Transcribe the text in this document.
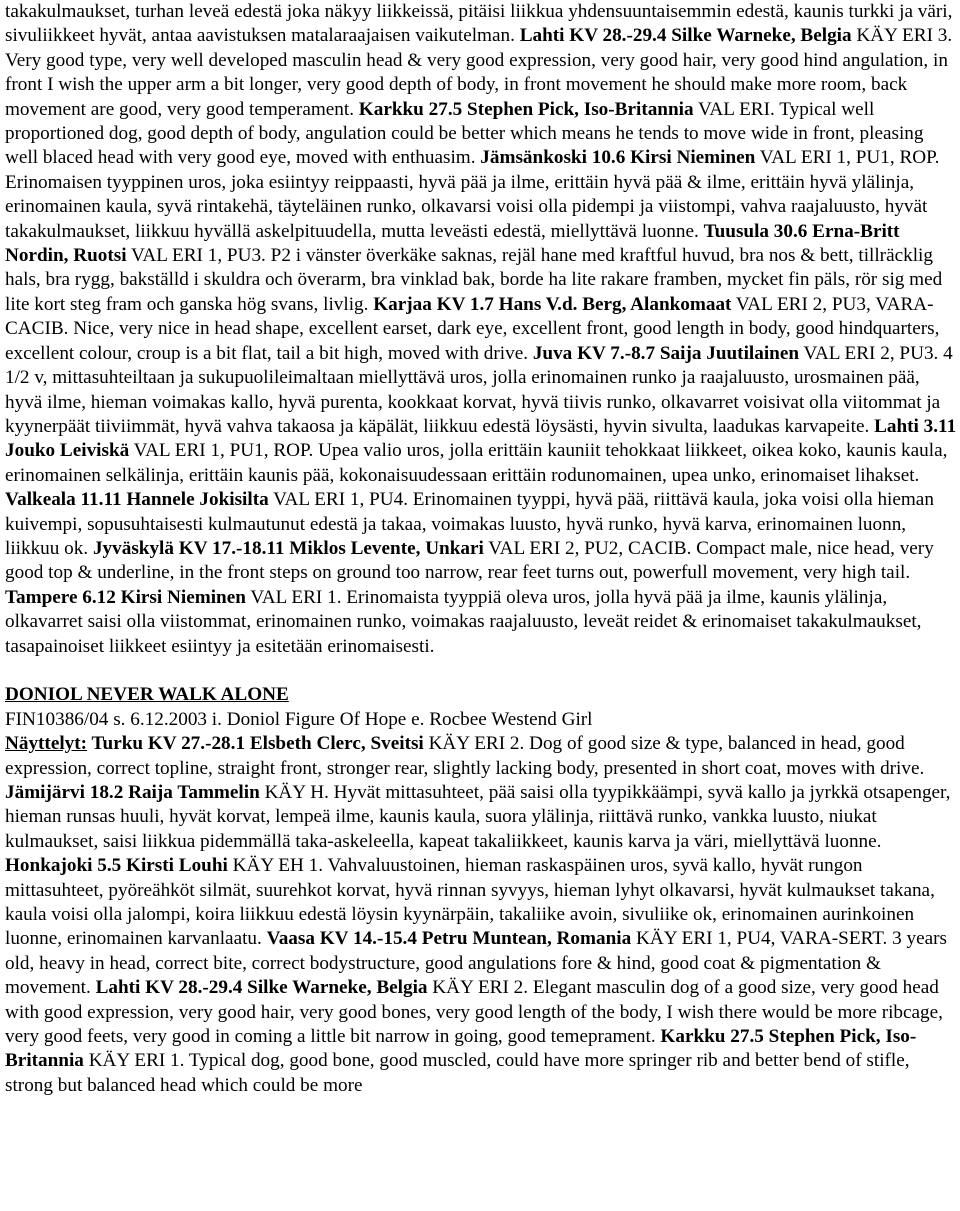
takakulmaukset, turhan leveä edestä joka näkyy liikkeissä, pitäisi liikkua yhdensuuntaisemmin edestä, kaunis turkki ja väri, sivuliikkeet hyvät, antaa aavistuksen matalaraajaisen vaikutelman. Lahti KV 28.-29.4 Silke Warneke, Belgia KÄY ERI 3. Very good type, very well developed masculin head & very good expression, very good hair, very good hind angulation, in front I wish the upper arm a bit longer, very good depth of body, in front movement he should make more room, back movement are good, very good temperament. Karkku 27.5 Stephen Pick, Iso-Britannia VAL ERI. Typical well proportioned dog, good depth of body, angulation could be better which means he tends to move wide in front, pleasing well blaced head with very good eye, moved with enthuasim. Jämsänkoski 10.6 Kirsi Nieminen VAL ERI 1, PU1, ROP. Erinomaisen tyyppinen uros, joka esiintyy reippaasti, hyvä pää ja ilme, erittäin hyvä pää & ilme, erittäin hyvä ylälinja, erinomainen kaula, syvä rintakehä, täyteläinen runko, olkavarsi voisi olla pidempi ja viistompi, vahva raajaluusto, hyvät takakulmaukset, liikkuu hyvällä askelpituudella, mutta leveästi edestä, miellyttävä luonne. Tuusula 30.6 Erna-Britt Nordin, Ruotsi VAL ERI 1, PU3. P2 i vänster överkäke saknas, rejäl hane med kraftful huvud, bra nos & bett, tillräcklig hals, bra rygg, bakställd i skuldra och överarm, bra vinklad bak, borde ha lite rakare framben, mycket fin päls, rör sig med lite kort steg fram och ganska hög svans, livlig. Karjaa KV 1.7 Hans V.d. Berg, Alankomaat VAL ERI 2, PU3, VARA-CACIB. Nice, very nice in head shape, excellent earset, dark eye, excellent front, good length in body, good hindquarters, excellent colour, croup is a bit flat, tail a bit high, moved with drive. Juva KV 7.-8.7 Saija Juutilainen VAL ERI 2, PU3. 4 1/2 v, mittasuhteiltaan ja sukupuolileimaltaan miellyttävä uros, jolla erinomainen runko ja raajaluusto, urosmainen pää, hyvä ilme, hieman voimakas kallo, hyvä purenta, kookkaat korvat, hyvä tiivis runko, olkavarret voisivat olla viitommat ja kyynerpäät tiiviimmät, hyvä vahva takaosa ja käpälät, liikkuu edestä löysästi, hyvin sivulta, laadukas karvapeite. Lahti 3.11 Jouko Leiviskä VAL ERI 1, PU1, ROP. Upea valio uros, jolla erittäin kauniit tehokkaat liikkeet, oikea koko, kaunis kaula, erinomainen selkälinja, erittäin kaunis pää, kokonaisuudessaan erittäin rodunomainen, upea unko, erinomaiset lihakset. Valkeala 11.11 Hannele Jokisilta VAL ERI 1, PU4. Erinomainen tyyppi, hyvä pää, riittävä kaula, joka voisi olla hieman kuivempi, sopusuhtaisesti kulmautunut edestä ja takaa, voimakas luusto, hyvä runko, hyvä karva, erinomainen luonn, liikkuu ok. Jyväskylä KV 17.-18.11 Miklos Levente, Unkari VAL ERI 2, PU2, CACIB. Compact male, nice head, very good top & underline, in the front steps on ground too narrow, rear feet turns out, powerfull movement, very high tail. Tampere 6.12 Kirsi Nieminen VAL ERI 1. Erinomaista tyyppiä oleva uros, jolla hyvä pää ja ilme, kaunis ylälinja, olkavarret saisi olla viistommat, erinomainen runko, voimakas raajaluusto, leveät reidet & erinomaiset takakulmaukset, tasapainoiset liikkeet esiintyy ja esitetään erinomaisesti.

DONIOL NEVER WALK ALONE

FIN10386/04 s. 6.12.2003 i. Doniol Figure Of Hope e. Rocbee Westend Girl

Näyttelyt: Turku KV 27.-28.1 Elsbeth Clerc, Sveitsi KÄY ERI 2. Dog of good size & type, balanced in head, good expression, correct topline, straight front, stronger rear, slightly lacking body, presented in short coat, moves with drive. Jämijärvi 18.2 Raija Tammelin KÄY H. Hyvät mittasuhteet, pää saisi olla tyypikkäämpi, syvä kallo ja jyrkkä otsapenger, hieman runsas huuli, hyvät korvat, lempeä ilme, kaunis kaula, suora ylälinja, riittävä runko, vankka luusto, niukat kulmaukset, saisi liikkua pidemmällä taka-askeleella, kapeat takaliikkeet, kaunis karva ja väri, miellyttävä luonne. Honkajoki 5.5 Kirsti Louhi KÄY EH 1. Vahvaluustoinen, hieman raskaspäinen uros, syvä kallo, hyvät rungon mittasuhteet, pyöreähköt silmät, suurehkot korvat, hyvä rinnan syvyys, hieman lyhyt olkavarsi, hyvät kulmaukset takana, kaula voisi olla jalompi, koira liikkuu edestä löysin kyynärpäin, takaliike avoin, sivuliike ok, erinomainen aurinkoinen luonne, erinomainen karvanlaatu. Vaasa KV 14.-15.4 Petru Muntean, Romania KÄY ERI 1, PU4, VARA-SERT. 3 years old, heavy in head, correct bite, correct bodystructure, good angulations fore & hind, good coat & pigmentation & movement. Lahti KV 28.-29.4 Silke Warneke, Belgia KÄY ERI 2. Elegant masculin dog of a good size, very good head with good expression, very good hair, very good bones, very good length of the body, I wish there would be more ribcage, very good feets, very good in coming a little bit narrow in going, good temeprament. Karkku 27.5 Stephen Pick, Iso-Britannia KÄY ERI 1. Typical dog, good bone, good muscled, could have more springer rib and better bend of stifle, strong but balanced head which could be more
